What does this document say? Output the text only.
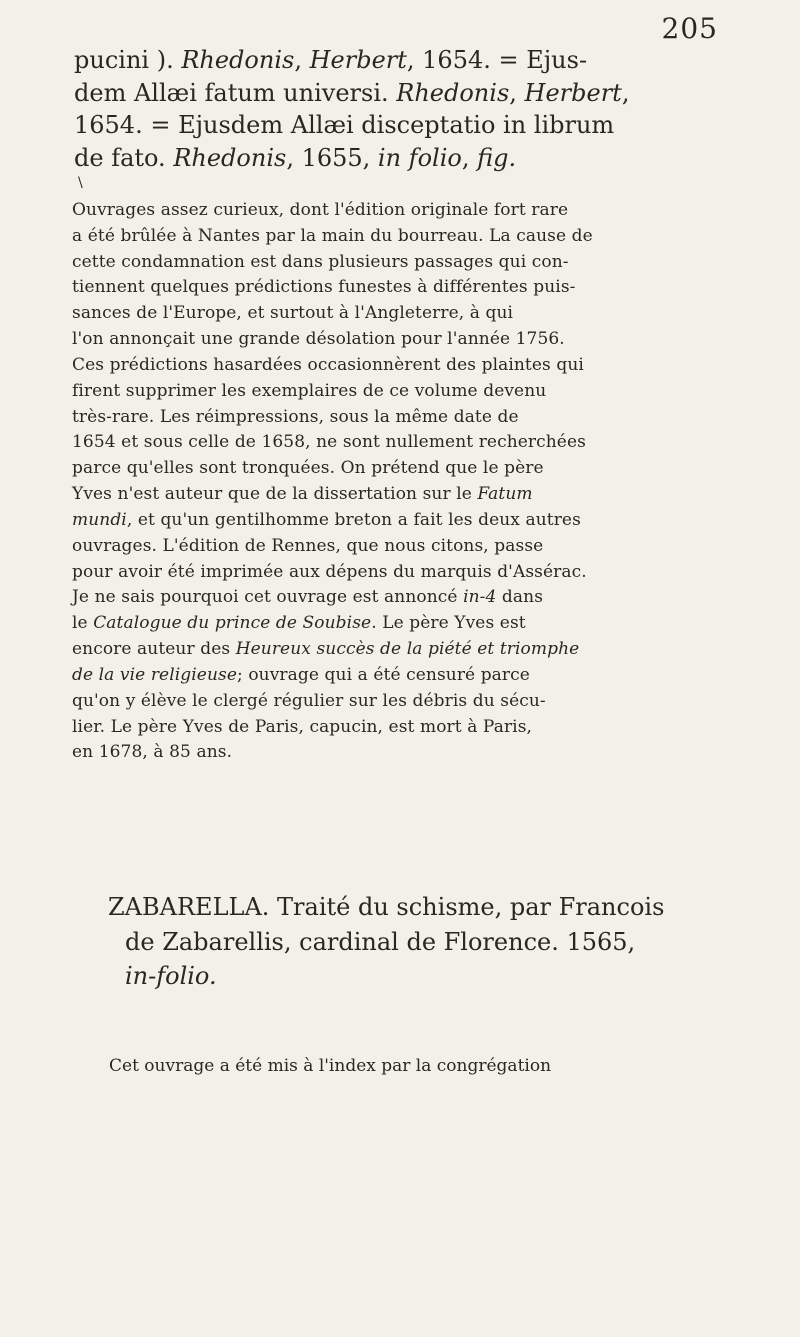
205
pucini ). Rhedonis, Herbert, 1654. = Ejus-
dem Allæi fatum universi. Rhedonis, Herbert,
1654. = Ejusdem Allæi disceptatio in librum
de fato. Rhedonis, 1655, in folio, fig.
\
Ouvrages assez curieux, dont l'édition originale fort rare
a été brûlée à Nantes par la main du bourreau. La cause de
cette condamnation est dans plusieurs passages qui con-
tiennent quelques prédictions funestes à différentes puis-
sances de l'Europe, et surtout à l'Angleterre, à qui
l'on annonçait une grande désolation pour l'année 1756.
Ces prédictions hasardées occasionnèrent des plaintes qui
firent supprimer les exemplaires de ce volume devenu
très-rare. Les réimpressions, sous la même date de
1654 et sous celle de 1658, ne sont nullement recherchées
parce qu'elles sont tronquées. On prétend que le père
Yves n'est auteur que de la dissertation sur le Fatum
mundi, et qu'un gentilhomme breton a fait les deux autres
ouvrages. L'édition de Rennes, que nous citons, passe
pour avoir été imprimée aux dépens du marquis d'Assérac.
Je ne sais pourquoi cet ouvrage est annoncé in-4 dans
le Catalogue du prince de Soubise. Le père Yves est
encore auteur des Heureux succès de la piété et triomphe
de la vie religieuse; ouvrage qui a été censuré parce
qu'on y élève le clergé régulier sur les débris du sécu-
lier. Le père Yves de Paris, capucin, est mort à Paris,
en 1678, à 85 ans.
ZABARELLA. Traité du schisme, par Francois
de Zabarellis, cardinal de Florence. 1565,
in-folio.
Cet ouvrage a été mis à l'index par la congrégation
